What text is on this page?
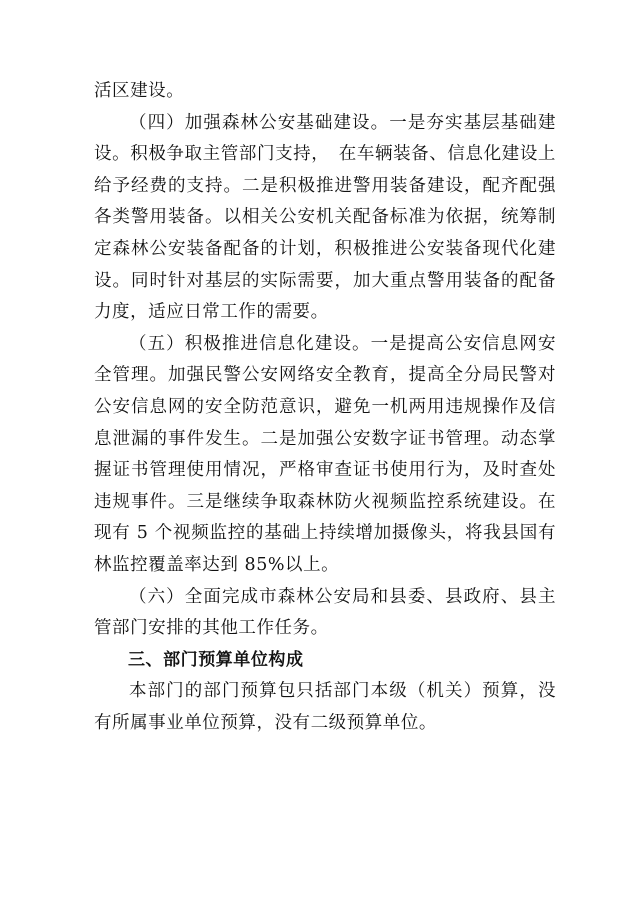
活区建设。

（四）加强森林公安基础建设。一是夯实基层基础建设。积极争取主管部门支持，　在车辆装备、信息化建设上给予经费的支持。二是积极推进警用装备建设，配齐配强各类警用装备。以相关公安机关配备标准为依据，统筹制定森林公安装备配备的计划，积极推进公安装备现代化建设。同时针对基层的实际需要，加大重点警用装备的配备力度，适应日常工作的需要。

（五）积极推进信息化建设。一是提高公安信息网安全管理。加强民警公安网络安全教育，提高全分局民警对公安信息网的安全防范意识，避免一机两用违规操作及信息泄漏的事件发生。二是加强公安数字证书管理。动态掌握证书管理使用情况，严格审查证书使用行为，及时查处违规事件。三是继续争取森林防火视频监控系统建设。在现有 5 个视频监控的基础上持续增加摄像头，将我县国有林监控覆盖率达到 85%以上。

（六）全面完成市森林公安局和县委、县政府、县主管部门安排的其他工作任务。

三、部门预算单位构成

本部门的部门预算包只括部门本级（机关）预算，没有所属事业单位预算，没有二级预算单位。
